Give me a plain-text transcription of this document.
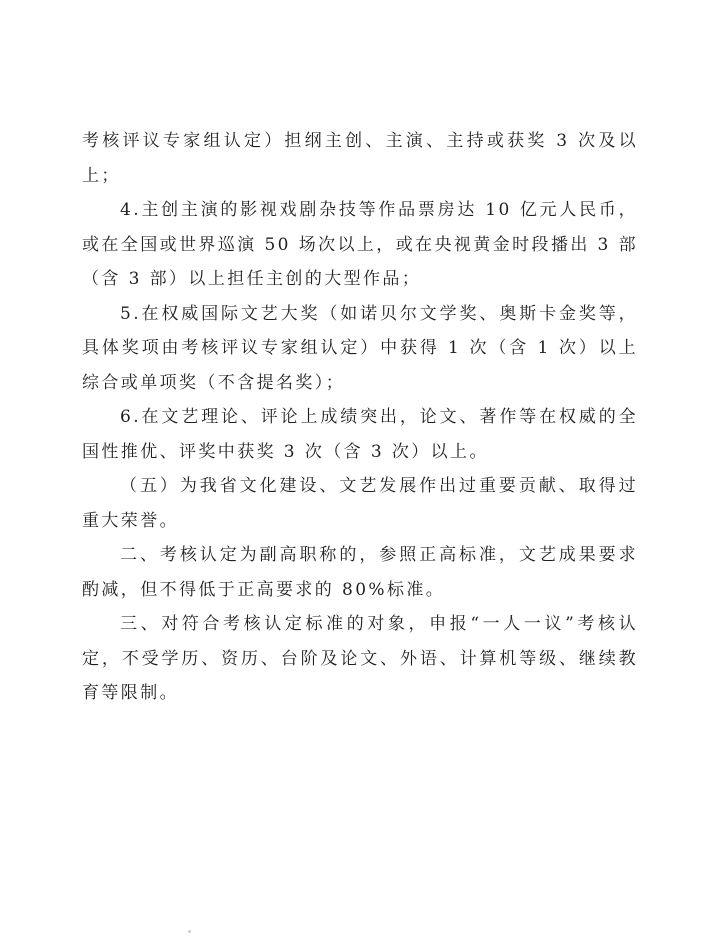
考核评议专家组认定）担纲主创、主演、主持或获奖 3 次及以上；

4.主创主演的影视戏剧杂技等作品票房达 10 亿元人民币，或在全国或世界巡演 50 场次以上，或在央视黄金时段播出 3 部（含 3 部）以上担任主创的大型作品；

5.在权威国际文艺大奖（如诺贝尔文学奖、奥斯卡金奖等，具体奖项由考核评议专家组认定）中获得 1 次（含 1 次）以上综合或单项奖（不含提名奖）；

6.在文艺理论、评论上成绩突出，论文、著作等在权威的全国性推优、评奖中获奖 3 次（含 3 次）以上。

（五）为我省文化建设、文艺发展作出过重要贡献、取得过重大荣誉。

二、考核认定为副高职称的，参照正高标准，文艺成果要求酌减，但不得低于正高要求的 80%标准。

三、对符合考核认定标准的对象，申报“一人一议”考核认定，不受学历、资历、台阶及论文、外语、计算机等级、继续教育等限制。
